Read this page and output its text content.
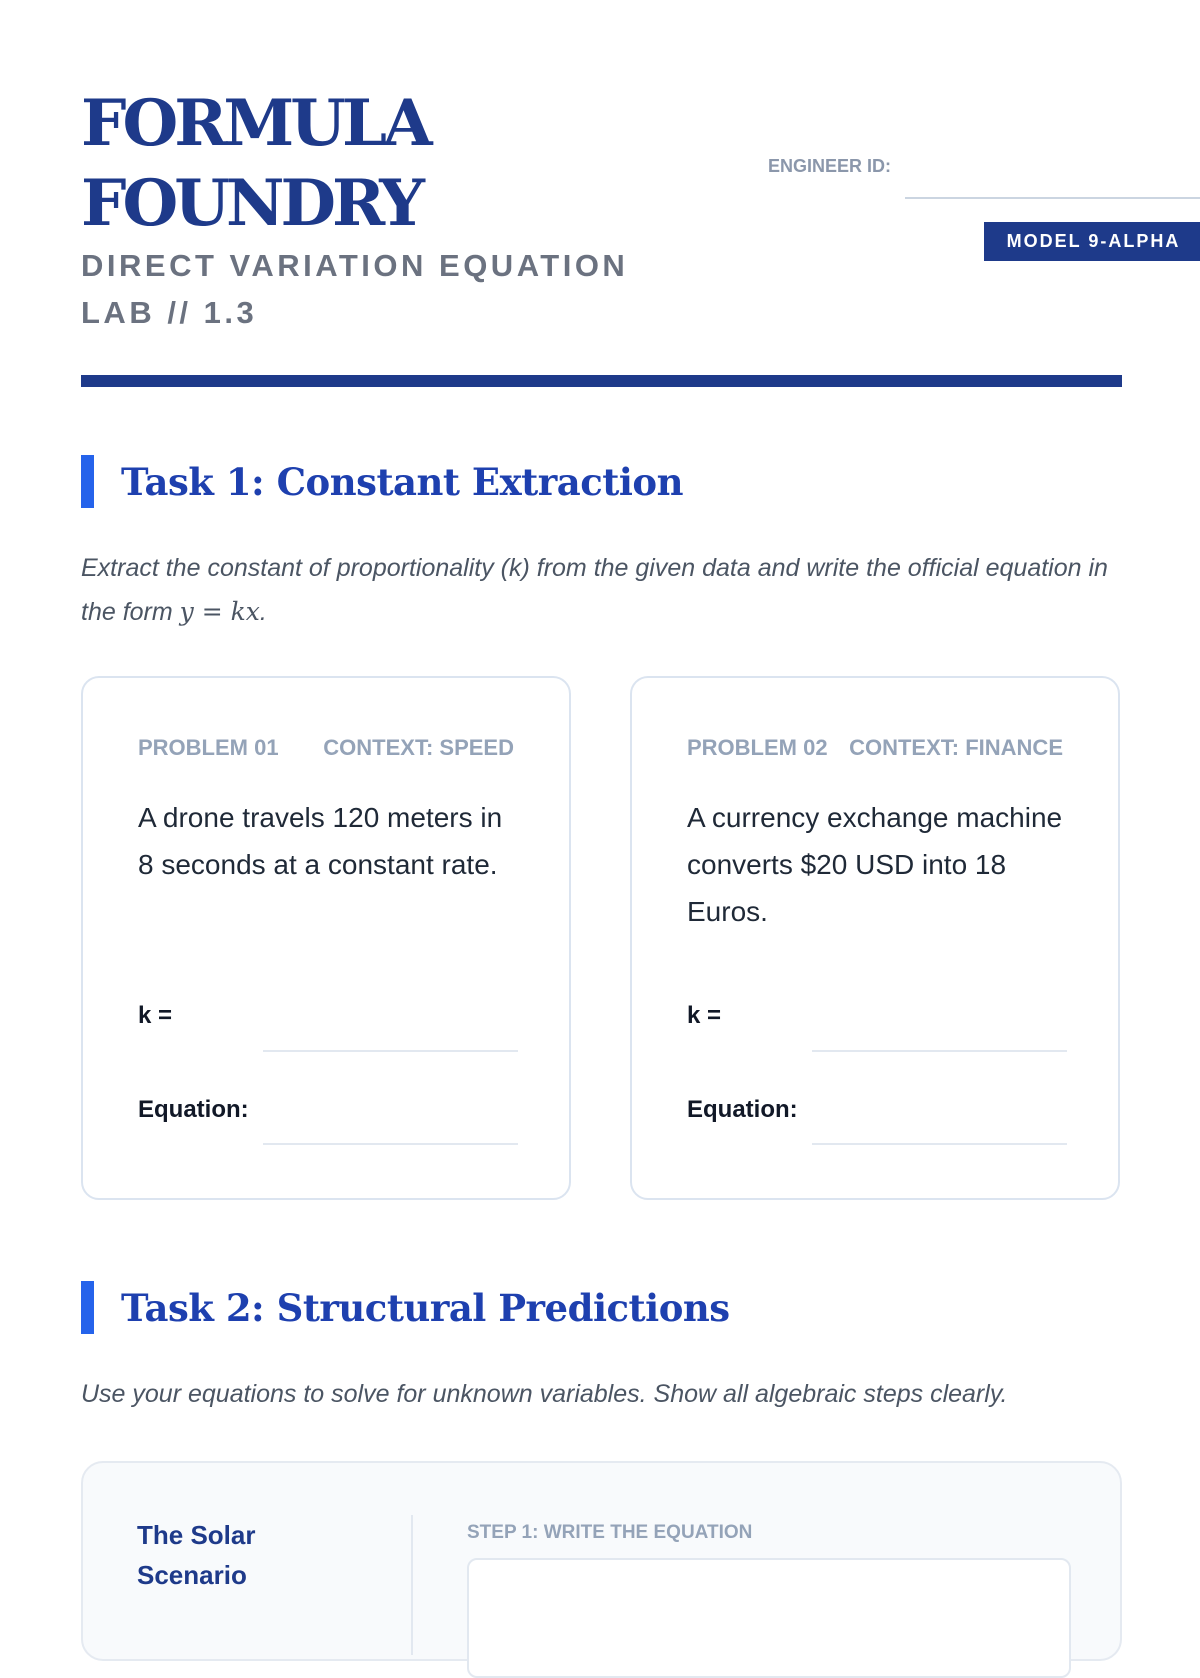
FORMULA
FOUNDRY

DIRECT VARIATION EQUATION LAB // 1.3

ENGINEER ID:
MODEL 9-ALPHA
Task 1: Constant Extraction

Extract the constant of proportionality (k) from the given data and write the official equation in the form y = kx.

PROBLEM 01 CONTEXT: SPEED

A drone travels 120 meters in 8 seconds at a constant rate.

k =
Equation:
PROBLEM 02 CONTEXT: FINANCE

A currency exchange machine converts $20 USD into 18 Euros.

k =
Equation:
Task 2: Structural Predictions

Use your equations to solve for unknown variables. Show all algebraic steps clearly.

The Solar Scenario

STEP 1: WRITE THE EQUATION
